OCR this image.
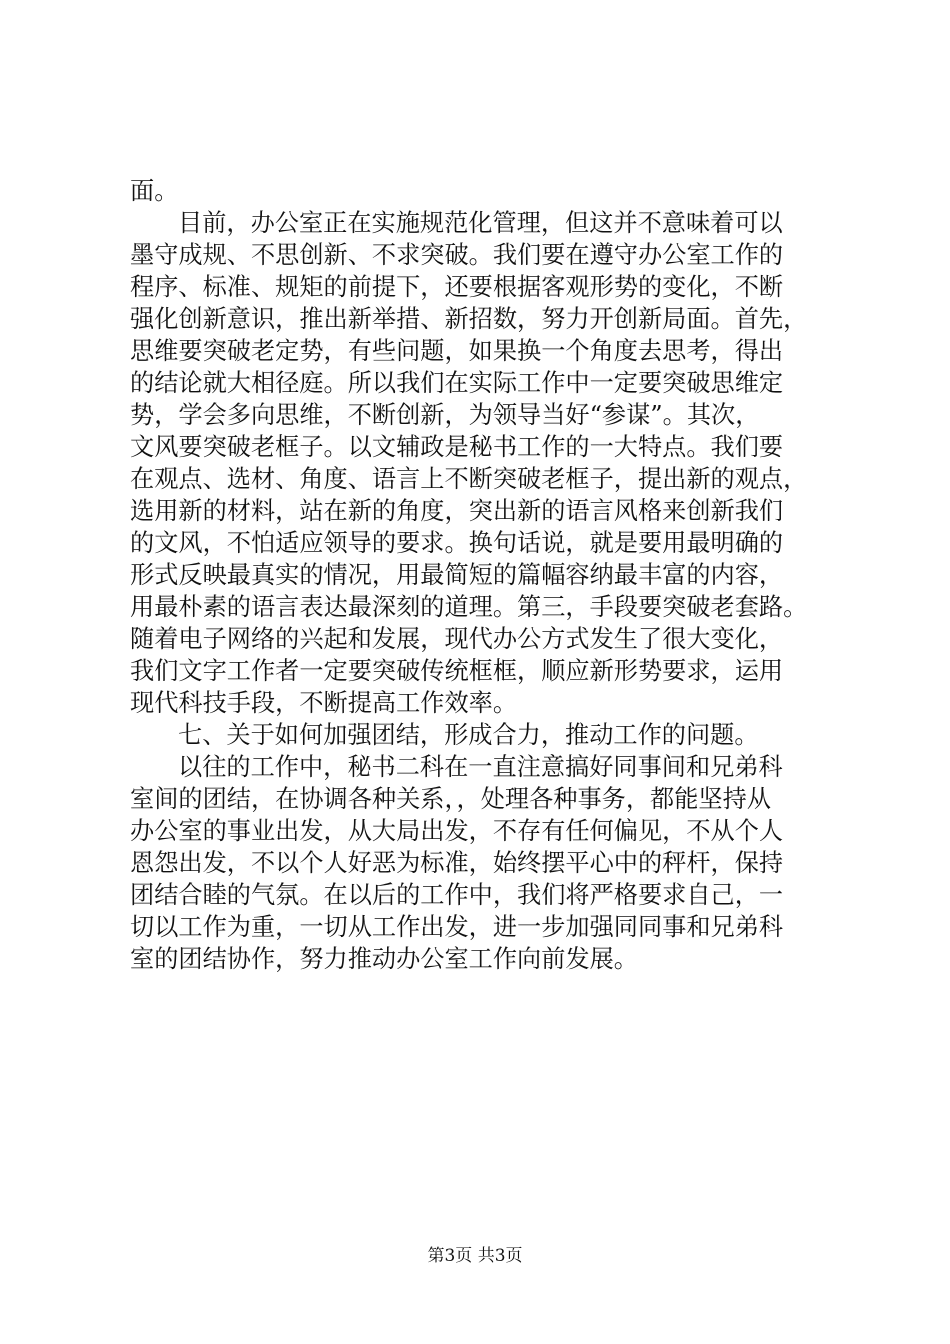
面。
目前，办公室正在实施规范化管理，但这并不意味着可以
墨守成规、不思创新、不求突破。我们要在遵守办公室工作的
程序、标准、规矩的前提下，还要根据客观形势的变化，不断
强化创新意识，推出新举措、新招数，努力开创新局面。首先，
思维要突破老定势，有些问题，如果换一个角度去思考，得出
的结论就大相径庭。所以我们在实际工作中一定要突破思维定
势，学会多向思维，不断创新，为领导当好“参谋”。其次，
文风要突破老框子。以文辅政是秘书工作的一大特点。我们要
在观点、选材、角度、语言上不断突破老框子，提出新的观点，
选用新的材料，站在新的角度，突出新的语言风格来创新我们
的文风，不怕适应领导的要求。换句话说，就是要用最明确的
形式反映最真实的情况，用最简短的篇幅容纳最丰富的内容，
用最朴素的语言表达最深刻的道理。第三，手段要突破老套路。
随着电子网络的兴起和发展，现代办公方式发生了很大变化，
我们文字工作者一定要突破传统框框，顺应新形势要求，运用
现代科技手段，不断提高工作效率。
七、关于如何加强团结，形成合力，推动工作的问题。
以往的工作中，秘书二科在一直注意搞好同事间和兄弟科
室间的团结，在协调各种关系，，处理各种事务，都能坚持从
办公室的事业出发，从大局出发，不存有任何偏见，不从个人
恩怨出发，不以个人好恶为标准，始终摆平心中的秤杆，保持
团结合睦的气氛。在以后的工作中，我们将严格要求自己，一
切以工作为重，一切从工作出发，进一步加强同同事和兄弟科
室的团结协作，努力推动办公室工作向前发展。
第3页 共3页
